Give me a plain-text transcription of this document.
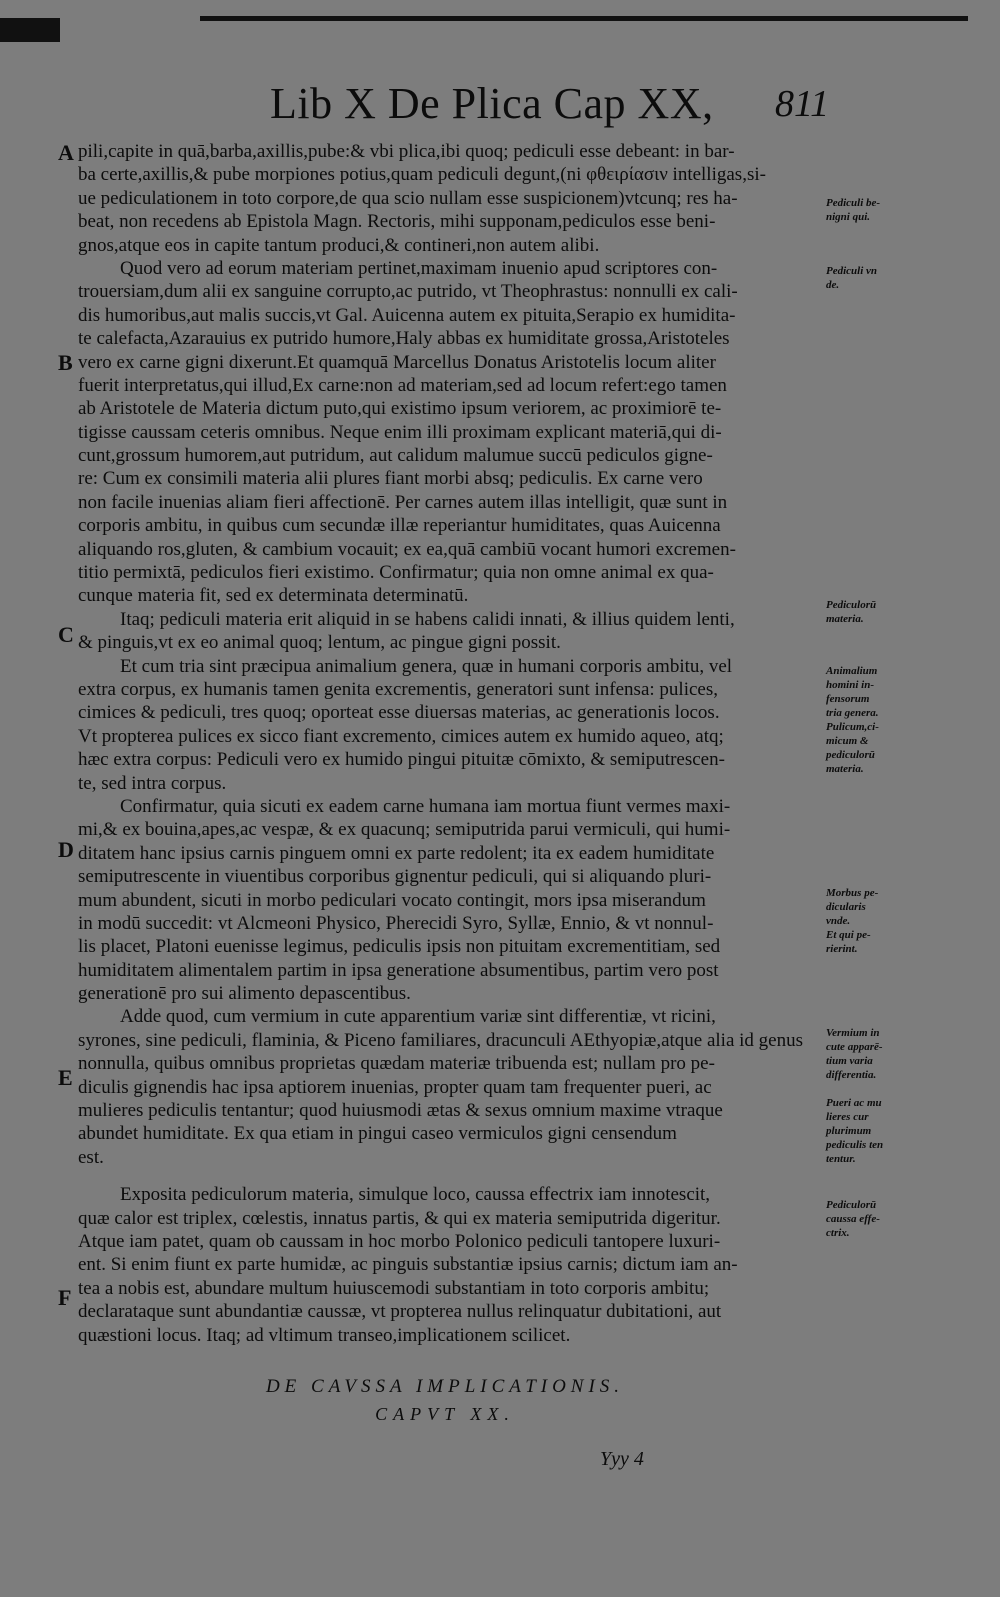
Lib X De Plica Cap XX, 811
A
B
C
D
E
F
pili,capite in quā,barba,axillis,pube:& vbi plica,ibi quoq; pediculi esse debeant: in bar-
ba certe,axillis,& pube morpiones potius,quam pediculi degunt,(ni φθειρίασιν intelligas,si-
ue pediculationem in toto corpore,de qua scio nullam esse suspicionem)vtcunq; res ha-
beat, non recedens ab Epistola Magn. Rectoris, mihi supponam,pediculos esse beni-
gnos,atque eos in capite tantum produci,& contineri,non autem alibi.
Quod vero ad eorum materiam pertinet,maximam inuenio apud scriptores con-
trouersiam,dum alii ex sanguine corrupto,ac putrido, vt Theophrastus: nonnulli ex cali-
dis humoribus,aut malis succis,vt Gal. Auicenna autem ex pituita,Serapio ex humidita-
te calefacta,Azarauius ex putrido humore,Haly abbas ex humiditate grossa,Aristoteles
vero ex carne gigni dixerunt.Et quamquā Marcellus Donatus Aristotelis locum aliter
fuerit interpretatus,qui illud,Ex carne:non ad materiam,sed ad locum refert:ego tamen
ab Aristotele de Materia dictum puto,qui existimo ipsum veriorem, ac proximiorē te-
tigisse caussam ceteris omnibus. Neque enim illi proximam explicant materiā,qui di-
cunt,grossum humorem,aut putridum, aut calidum malumue succū pediculos gigne-
re: Cum ex consimili materia alii plures fiant morbi absq; pediculis. Ex carne vero
non facile inuenias aliam fieri affectionē. Per carnes autem illas intelligit, quæ sunt in
corporis ambitu, in quibus cum secundæ illæ reperiantur humiditates, quas Auicenna
aliquando ros,gluten, & cambium vocauit; ex ea,quā cambiū vocant humori excremen-
titio permixtā, pediculos fieri existimo. Confirmatur; quia non omne animal ex qua-
cunque materia fit, sed ex determinata determinatū.
Itaq; pediculi materia erit aliquid in se habens calidi innati, & illius quidem lenti,
& pinguis,vt ex eo animal quoq; lentum, ac pingue gigni possit.
Et cum tria sint præcipua animalium genera, quæ in humani corporis ambitu, vel
extra corpus, ex humanis tamen genita excrementis, generatori sunt infensa: pulices,
cimices & pediculi, tres quoq; oporteat esse diuersas materias, ac generationis locos.
Vt propterea pulices ex sicco fiant excremento, cimices autem ex humido aqueo, atq;
hæc extra corpus: Pediculi vero ex humido pingui pituitæ cōmixto, & semiputrescen-
te, sed intra corpus.
Confirmatur, quia sicuti ex eadem carne humana iam mortua fiunt vermes maxi-
mi,& ex bouina,apes,ac vespæ, & ex quacunq; semiputrida parui vermiculi, qui humi-
ditatem hanc ipsius carnis pinguem omni ex parte redolent; ita ex eadem humiditate
semiputrescente in viuentibus corporibus gignentur pediculi, qui si aliquando pluri-
mum abundent, sicuti in morbo pediculari vocato contingit, mors ipsa miserandum
in modū succedit: vt Alcmeoni Physico, Pherecidi Syro, Syllæ, Ennio, & vt nonnul-
lis placet, Platoni euenisse legimus, pediculis ipsis non pituitam excrementitiam, sed
humiditatem alimentalem partim in ipsa generatione absumentibus, partim vero post
generationē pro sui alimento depascentibus.
Adde quod, cum vermium in cute apparentium variæ sint differentiæ, vt ricini,
syrones, sine pediculi, flaminia, & Piceno familiares, dracunculi AEthyopiæ,atque alia id genus
nonnulla, quibus omnibus proprietas quædam materiæ tribuenda est; nullam pro pe-
diculis gignendis hac ipsa aptiorem inuenias, propter quam tam frequenter pueri, ac
mulieres pediculis tentantur; quod huiusmodi ætas & sexus omnium maxime vtraque
abundet humiditate. Ex qua etiam in pingui caseo vermiculos gigni censendum
est.
Exposita pediculorum materia, simulque loco, caussa effectrix iam innotescit,
quæ calor est triplex, cœlestis, innatus partis, & qui ex materia semiputrida digeritur.
Atque iam patet, quam ob caussam in hoc morbo Polonico pediculi tantopere luxuri-
ent. Si enim fiunt ex parte humidæ, ac pinguis substantiæ ipsius carnis; dictum iam an-
tea a nobis est, abundare multum huiuscemodi substantiam in toto corporis ambitu;
declarataque sunt abundantiæ caussæ, vt propterea nullus relinquatur dubitationi, aut
quæstioni locus. Itaq; ad vltimum transeo,implicationem scilicet.
Pediculi be-
nigni qui.
Pediculi vn
de.
Pediculorū
materia.
Animalium
homini in-
fensorum
tria genera.
Pulicum,ci-
micum &
pediculorū
materia.
Morbus pe-
dicularis
vnde.
Et qui pe-
rierint.
Vermium in
cute apparē-
tium varia
differentia.
Pueri ac mu
lieres cur
plurimum
pediculis ten
tentur.
Pediculorū
caussa effe-
ctrix.
DE CAVSSA IMPLICATIONIS.
CAPVT XX.
Yyy 4
